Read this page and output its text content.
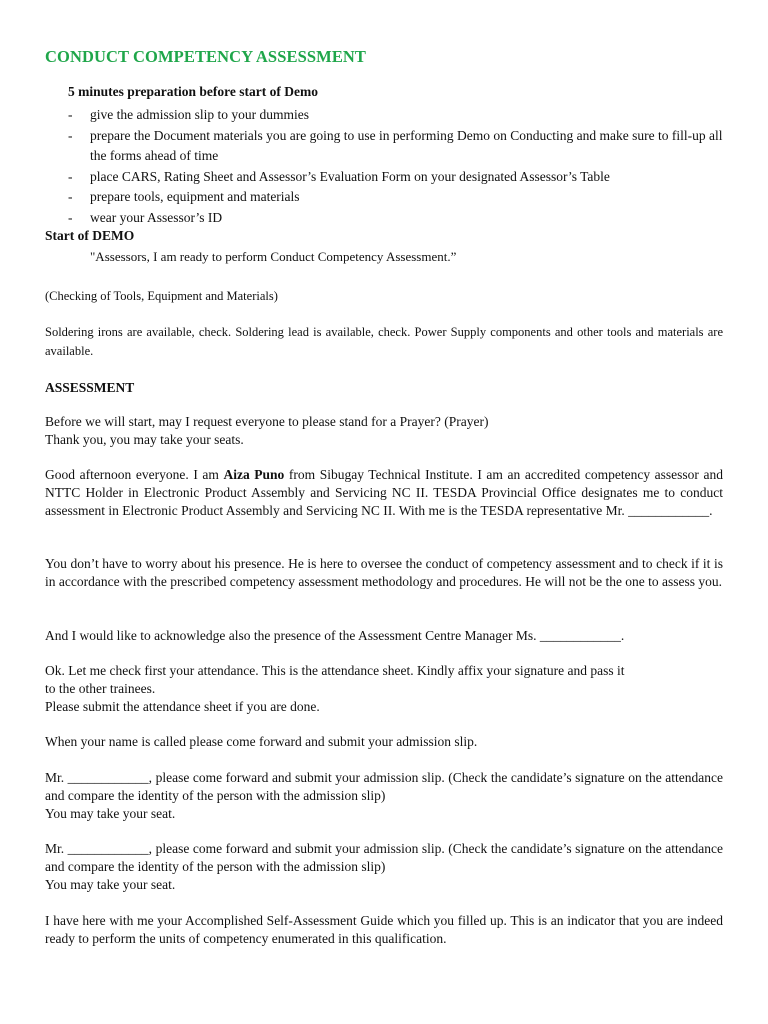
CONDUCT COMPETENCY ASSESSMENT
5 minutes preparation before start of Demo
- give the admission slip to your dummies
- prepare the Document materials you are going to use in performing Demo on Conducting and make sure to fill-up all the forms ahead of time
- place CARS, Rating Sheet and Assessor’s Evaluation Form on your designated Assessor’s Table
- prepare tools, equipment and materials
- wear your Assessor’s ID
Start of DEMO
"Assessors, I am ready to perform Conduct Competency Assessment.”
(Checking of Tools, Equipment and Materials)
Soldering irons are available, check. Soldering lead is available, check. Power Supply components and other tools and materials are available.
ASSESSMENT
Before we will start, may I request everyone to please stand for a Prayer? (Prayer)
Thank you, you may take your seats.
Good afternoon everyone. I am Aiza Puno from Sibugay Technical Institute. I am an accredited competency assessor and NTTC Holder in Electronic Product Assembly and Servicing NC II. TESDA Provincial Office designates me to conduct assessment in Electronic Product Assembly and Servicing NC II. With me is the TESDA representative Mr. ____________.
You don’t have to worry about his presence. He is here to oversee the conduct of competency assessment and to check if it is in accordance with the prescribed competency assessment methodology and procedures. He will not be the one to assess you.
And I would like to acknowledge also the presence of the Assessment Centre Manager Ms. ____________.
Ok. Let me check first your attendance. This is the attendance sheet. Kindly affix your signature and pass it
to the other trainees.
Please submit the attendance sheet if you are done.
When your name is called please come forward and submit your admission slip.
Mr. ____________, please come forward and submit your admission slip. (Check the candidate’s signature on the attendance and compare the identity of the person with the admission slip)
You may take your seat.
Mr. ____________, please come forward and submit your admission slip. (Check the candidate’s signature on the attendance and compare the identity of the person with the admission slip)
You may take your seat.
I have here with me your Accomplished Self-Assessment Guide which you filled up. This is an indicator that you are indeed ready to perform the units of competency enumerated in this qualification.
